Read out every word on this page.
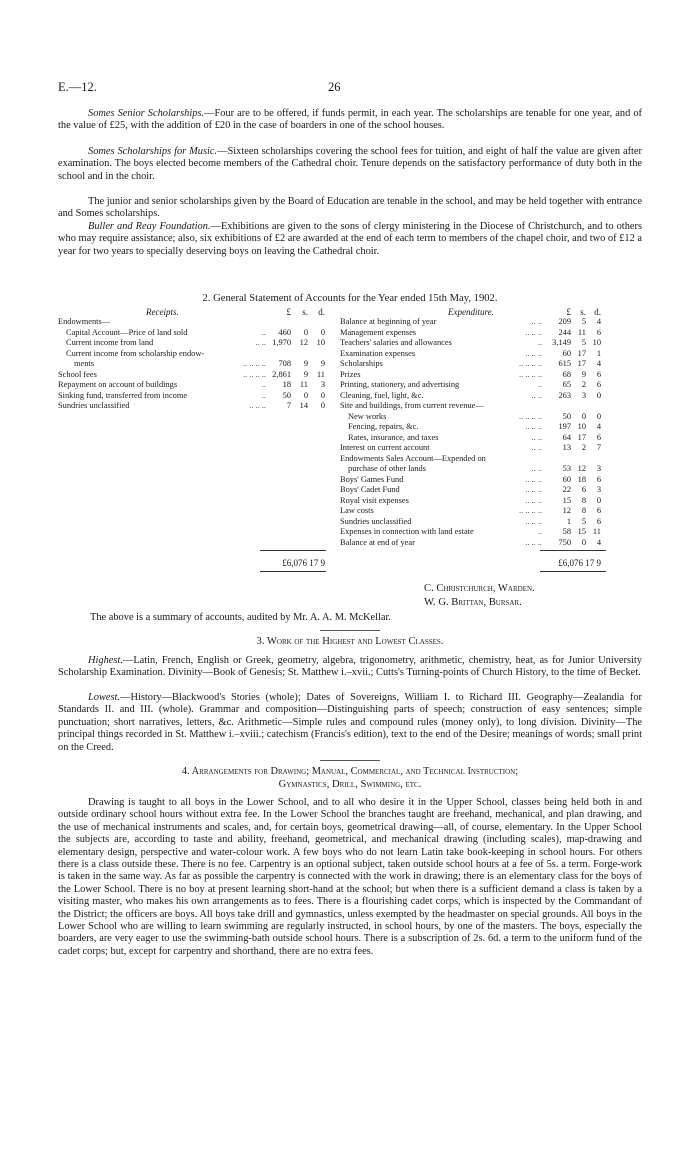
E.—12.	26

Somes Senior Scholarships.—Four are to be offered, if funds permit, in each year. The scholarships are tenable for one year, and of the value of £25, with the addition of £20 in the case of boarders in one of the school houses.

Somes Scholarships for Music.—Sixteen scholarships covering the school fees for tuition, and eight of half the value are given after examination. The boys elected become members of the Cathedral choir. Tenure depends on the satisfactory performance of duty both in the school and in the choir.

The junior and senior scholarships given by the Board of Education are tenable in the school, and may be held together with entrance and Somes scholarships.

Buller and Reay Foundation.—Exhibitions are given to the sons of clergy ministering in the Diocese of Christchurch, and to others who may require assistance; also, six exhibitions of £2 are awarded at the end of each term to members of the chapel choir, and two of £12 a year for two years to specially deserving boys on leaving the Cathedral choir.

2. General Statement of Accounts for the Year ended 15th May, 1902.

Receipts.	Expenditure.
£	s.	d.	£	s. d.
£6,076 17 9	£6,076 17 9
Endowments—
Capital Account—Price of land sold	..	460	0	0
Current income from land	.. .. 1,970	12	10
Current income from scholarship endow-
ments	.. .. .. ..	708	9	9
School fees	.. .. .. .. 2,861	9	11
Repayment on account of buildings	..	18	11	3
Sinking fund, transferred from income	..	50	0	0
Sundries unclassified	.. .. ..	7	14	0
Balance at beginning of year	.. ..	209	5	4
Management expenses	.. .. ..	244 11	6
Teachers' salaries and allowances	..	3,149	5 10
Examination expenses	.. .. ..	60 17	1
Scholarships	.. .. .. ..	615 17	4
Prizes	.. .. .. ..	68	9	6
Printing, stationery, and advertising	..	65	2	6
Cleaning, fuel, light, &c.	.. ..	263	3	0
Site and buildings, from current revenue—
New works	.. .. .. ..	50	0	0
Fencing, repairs, &c.	.. .. ..	197 10	4
Rates, insurance, and taxes	.. ..	64 17	6
Interest on current account	.. ..	13	2	7
Endowments Sales Account—Expended on
purchase of other lands	.. ..	53 12	3
Boys' Games Fund	.. .. ..	60 18	6
Boys' Cadet Fund	.. .. ..	22	6	3
Royal visit expenses	.. .. ..	15	8	0
Law costs	.. .. .. ..	12	8	6
Sundries unclassified	.. .. ..	1	5	6
Expenses in connection with land estate	..	58 15 11
Balance at end of year	.. .. ..	750	0	4
C. Christchurch, Warden.
W. G. Brittan, Bursar.

The above is a summary of accounts, audited by Mr. A. A. M. McKellar.

3. Work of the Highest and Lowest Classes.

Highest.—Latin, French, English or Greek, geometry, algebra, trigonometry, arithmetic, chemistry, heat, as for Junior University Scholarship Examination. Divinity—Book of Genesis; St. Matthew i.–xvii.; Cutts's Turning-points of Church History, to the time of Becket.

Lowest.—History—Blackwood's Stories (whole); Dates of Sovereigns, William I. to Richard III. Geography—Zealandia for Standards II. and III. (whole). Grammar and composition—Distinguishing parts of speech; construction of easy sentences; simple punctuation; short narratives, letters, &c. Arithmetic—Simple rules and compound rules (money only), to long division. Divinity—The principal things recorded in St. Matthew i.–xviii.; catechism (Francis's edition), text to the end of the Desire; meanings of words; small print on the Creed.

4. Arrangements for Drawing; Manual, Commercial, and Technical Instruction;

Gymnastics, Drill, Swimming, etc.

Drawing is taught to all boys in the Lower School, and to all who desire it in the Upper School, classes being held both in and outside ordinary school hours without extra fee. In the Lower School the branches taught are freehand, mechanical, and plan drawing, and the use of mechanical instruments and scales, and, for certain boys, geometrical drawing—all, of course, elementary. In the Upper School the subjects are, according to taste and ability, freehand, geometrical, and mechanical drawing (including scales), map-drawing and elementary design, perspective and water-colour work. A few boys who do not learn Latin take book-keeping in school hours. For others there is a class outside these. There is no fee. Carpentry is an optional subject, taken outside school hours at a fee of 5s. a term. Forge-work is taken in the same way. As far as possible the carpentry is connected with the work in drawing; there is an elementary class for the boys of the Lower School. There is no boy at present learning short-hand at the school; but when there is a sufficient demand a class is taken by a visiting master, who makes his own arrangements as to fees. There is a flourishing cadet corps, which is inspected by the Commandant of the District; the officers are boys. All boys take drill and gymnastics, unless exempted by the headmaster on special grounds. All boys in the Lower School who are willing to learn swimming are regularly instructed, in school hours, by one of the masters. The boys, especially the boarders, are very eager to use the swimming-bath outside school hours. There is a subscription of 2s. 6d. a term to the uniform fund of the cadet corps; but, except for carpentry and shorthand, there are no extra fees.
